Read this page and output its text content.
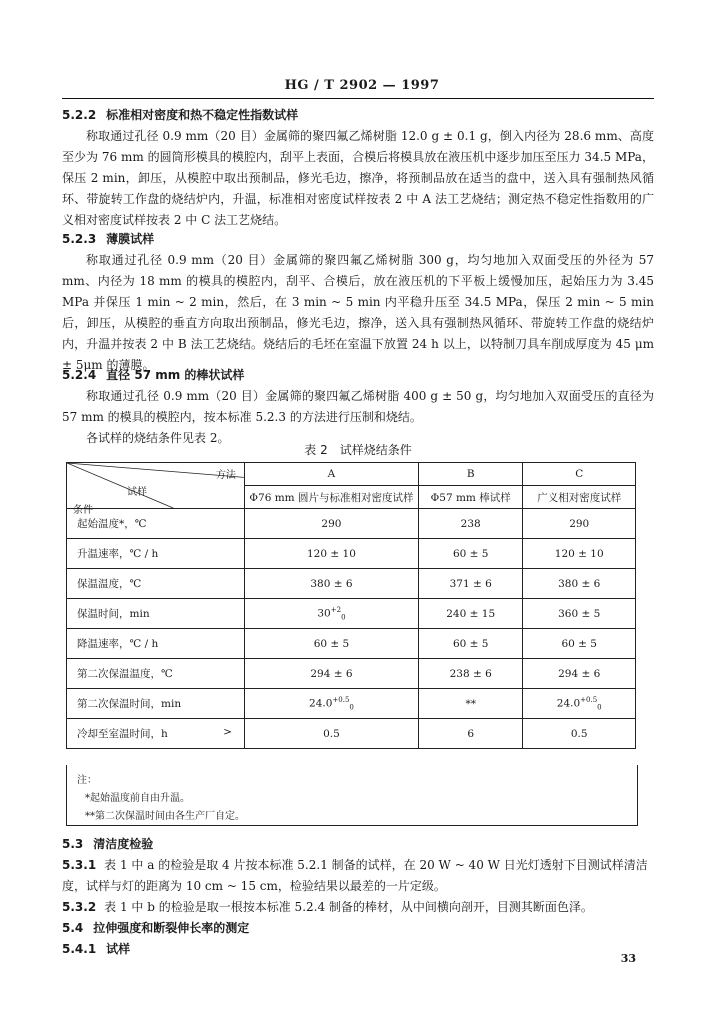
HG / T 2902 — 1997
5.2.2 标准相对密度和热不稳定性指数试样
称取通过孔径 0.9 mm（20 目）金属筛的聚四氟乙烯树脂 12.0 g ± 0.1 g，倒入内径为 28.6 mm、高度至少为 76 mm 的圆筒形模具的模腔内，刮平上表面，合模后将模具放在液压机中逐步加压至压力 34.5 MPa，保压 2 min，卸压，从模腔中取出预制品，修光毛边，擦净，将预制品放在适当的盘中，送入具有强制热风循环、带旋转工作盘的烧结炉内，升温，标准相对密度试样按表 2 中 A 法工艺烧结；测定热不稳定性指数用的广义相对密度试样按表 2 中 C 法工艺烧结。
5.2.3 薄膜试样
称取通过孔径 0.9 mm（20 目）金属筛的聚四氟乙烯树脂 300 g，均匀地加入双面受压的外径为 57 mm、内径为 18 mm 的模具的模腔内，刮平、合模后，放在液压机的下平板上缓慢加压，起始压力为 3.45 MPa 并保压 1 min ~ 2 min，然后，在 3 min ~ 5 min 内平稳升压至 34.5 MPa，保压 2 min ~ 5 min 后，卸压，从模腔的垂直方向取出预制品，修光毛边，擦净，送入具有强制热风循环、带旋转工作盘的烧结炉内，升温并按表 2 中 B 法工艺烧结。烧结后的毛坯在室温下放置 24 h 以上，以特制刀具车削成厚度为 45 μm ± 5μm 的薄膜。
5.2.4 直径 57 mm 的棒状试样
称取通过孔径 0.9 mm（20 目）金属筛的聚四氟乙烯树脂 400 g ± 50 g，均匀地加入双面受压的直径为 57 mm 的模具的模腔内，按本标准 5.2.3 的方法进行压制和烧结。
各试样的烧结条件见表 2。
表 2　试样烧结条件
方法
试样
条件	A	B	C
	Φ76 mm 圆片与标准相对密度试样	Φ57 mm 棒试样	广义相对密度试样
起始温度*，℃	290	238	290
升温速率，℃ / h	120 ± 10	60 ± 5	120 ± 10
保温温度，℃	380 ± 6	371 ± 6	380 ± 6
保温时间，min	$30^{+2}_0$	240 ± 15	360 ± 5
降温速率，℃ / h	60 ± 5	60 ± 5	60 ± 5
第二次保温温度，℃	294 ± 6	238 ± 6	294 ± 6
第二次保温时间，min	$24.0^{+0.5}_0$	**	$24.0^{+0.5}_0$
冷却至室温时间，h >	0.5	6	0.5
注：
*起始温度前自由升温。
**第二次保温时间由各生产厂自定。
5.3 清洁度检验
5.3.1 表 1 中 a 的检验是取 4 片按本标准 5.2.1 制备的试样，在 20 W ~ 40 W 日光灯透射下目测试样清洁度，试样与灯的距离为 10 cm ~ 15 cm，检验结果以最差的一片定级。
5.3.2 表 1 中 b 的检验是取一根按本标准 5.2.4 制备的棒材，从中间横向剖开，目测其断面色泽。
5.4 拉伸强度和断裂伸长率的测定
5.4.1 试样
33
